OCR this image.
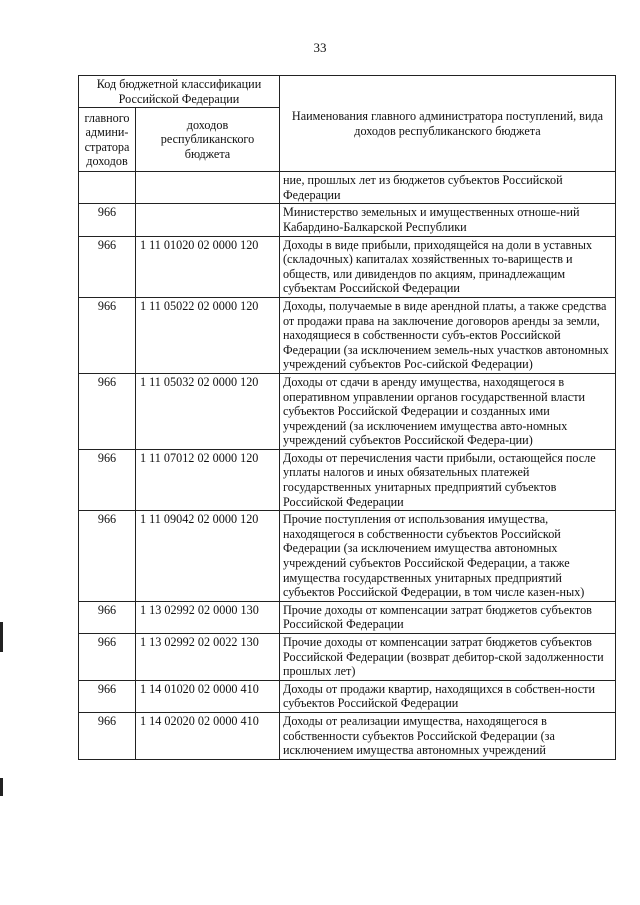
33
Код бюджетной классификации Российской Федерации		Наименования главного администратора поступлений, вида доходов республиканского бюджета
главного админи-стратора доходов	доходов республиканского бюджета	
		ние, прошлых лет из бюджетов субъектов Российской Федерации
966		Министерство земельных и имущественных отноше-ний Кабардино-Балкарской Республики
966	1 11 01020 02 0000 120	Доходы в виде прибыли, приходящейся на доли в уставных (складочных) капиталах хозяйственных то-вариществ и обществ, или дивидендов по акциям, принадлежащим субъектам Российской Федерации
966	1 11 05022 02 0000 120	Доходы, получаемые в виде арендной платы, а также средства от продажи права на заключение договоров аренды за земли, находящиеся в собственности субъ-ектов Российской Федерации (за исключением земель-ных участков автономных учреждений субъектов Рос-сийской Федерации)
966	1 11 05032 02 0000 120	Доходы от сдачи в аренду имущества, находящегося в оперативном управлении органов государственной власти субъектов Российской Федерации и созданных ими учреждений (за исключением имущества авто-номных учреждений субъектов Российской Федера-ции)
966	1 11 07012 02 0000 120	Доходы от перечисления части прибыли, остающейся после уплаты налогов и иных обязательных платежей государственных унитарных предприятий субъектов Российской Федерации
966	1 11 09042 02 0000 120	Прочие поступления от использования имущества, находящегося в собственности субъектов Российской Федерации (за исключением имущества автономных учреждений субъектов Российской Федерации, а также имущества государственных унитарных предприятий субъектов Российской Федерации, в том числе казен-ных)
966	1 13 02992 02 0000 130	Прочие доходы от компенсации затрат бюджетов субъектов Российской Федерации
966	1 13 02992 02 0022 130	Прочие доходы от компенсации затрат бюджетов субъектов Российской Федерации (возврат дебитор-ской задолженности прошлых лет)
966	1 14 01020 02 0000 410	Доходы от продажи квартир, находящихся в собствен-ности субъектов Российской Федерации
966	1 14 02020 02 0000 410	Доходы от реализации имущества, находящегося в собственности субъектов Российской Федерации (за исключением имущества автономных учреждений
